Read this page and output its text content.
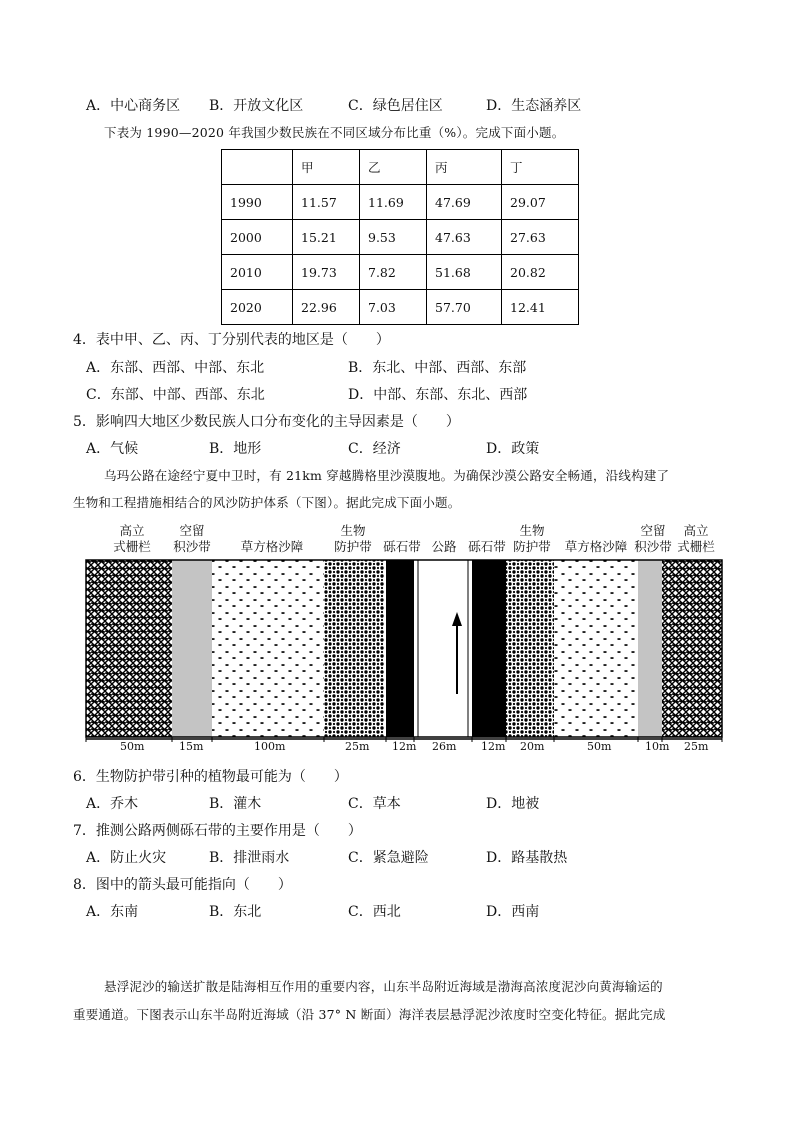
A．中心商务区 B．开放文化区	C．绿色居住区	D．生态涵养区
下表为 1990—2020 年我国少数民族在不同区域分布比重（%）。完成下面小题。
	甲	乙	丙	丁
1990	11.57	11.69	47.69	29.07
2000	15.21	9.53	47.63	27.63
2010	19.73	7.82	51.68	20.82
2020	22.96	7.03	57.70	12.41
4．表中甲、乙、丙、丁分别代表的地区是（　　）
A．东部、西部、中部、东北	B．东北、中部、西部、东部
C．东部、中部、西部、东北	D．中部、东部、东北、西部
5．影响四大地区少数民族人口分布变化的主导因素是（　　）
A．气候	B．地形	C．经济	D．政策
乌玛公路在途经宁夏中卫时，有 21km 穿越腾格里沙漠腹地。为确保沙漠公路安全畅通，沿线构建了
生物和工程措施相结合的风沙防护体系（下图）。据此完成下面小题。
高立
式栅栏
空留
积沙带	草方格沙障
生物
防护带 砾石带 公路 砾石带
生物
防护带	草方格沙障
空留
积沙带
高立
式栅栏
50m	15m	100m	25m 12m 26m 12m 20m	50m	10m 25m
6．生物防护带引种的植物最可能为（　　）
A．乔木	B．灌木	C．草本	D．地被
7．推测公路两侧砾石带的主要作用是（　　）
A．防止火灾	B．排泄雨水	C．紧急避险	D．路基散热
8．图中的箭头最可能指向（　　）
A．东南	B．东北	C．西北	D．西南
悬浮泥沙的输送扩散是陆海相互作用的重要内容，山东半岛附近海域是渤海高浓度泥沙向黄海输运的
重要通道。下图表示山东半岛附近海域（沿 37° N 断面）海洋表层悬浮泥沙浓度时空变化特征。据此完成
